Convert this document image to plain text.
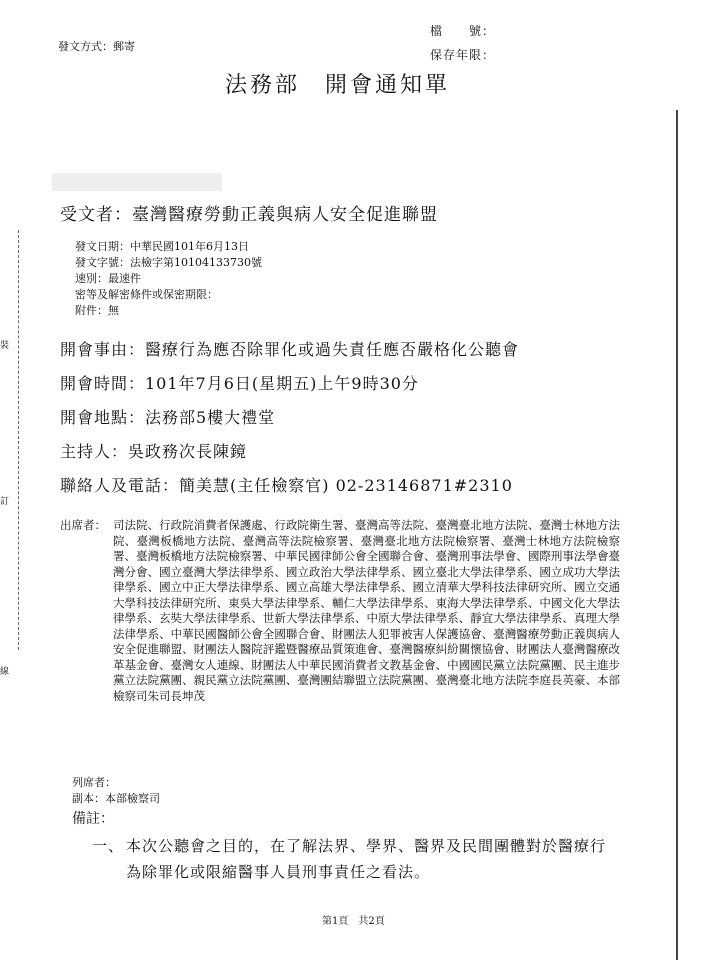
發文方式：郵寄
檔　　號：
保存年限：
法務部　開會通知單
受文者：臺灣醫療勞動正義與病人安全促進聯盟
發文日期：中華民國101年6月13日
發文字號：法檢字第10104133730號
速別：最速件
密等及解密條件或保密期限：
附件：無
開會事由：醫療行為應否除罪化或過失責任應否嚴格化公聽會
開會時間：101年7月6日(星期五)上午9時30分
開會地點：法務部5樓大禮堂
主持人：吳政務次長陳鏡
聯絡人及電話：簡美慧(主任檢察官) 02-23146871#2310
出席者： 司法院、行政院消費者保護處、行政院衛生署、臺灣高等法院、臺灣臺北地方法院、臺灣士林地方法院、臺灣板橋地方法院、臺灣高等法院檢察署、臺灣臺北地方法院檢察署、臺灣士林地方法院檢察署、臺灣板橋地方法院檢察署、中華民國律師公會全國聯合會、臺灣刑事法學會、國際刑事法學會臺灣分會、國立臺灣大學法律學系、國立政治大學法律學系、國立臺北大學法律學系、國立成功大學法律學系、國立中正大學法律學系、國立高雄大學法律學系、國立清華大學科技法律研究所、國立交通大學科技法律研究所、東吳大學法律學系、輔仁大學法律學系、東海大學法律學系、中國文化大學法律學系、玄奘大學法律學系、世新大學法律學系、中原大學法律學系、靜宜大學法律學系、真理大學法律學系、中華民國醫師公會全國聯合會、財團法人犯罪被害人保護協會、臺灣醫療勞動正義與病人安全促進聯盟、財團法人醫院評鑑暨醫療品質策進會、臺灣醫療糾紛關懷協會、財團法人臺灣醫療改革基金會、臺灣女人連線、財團法人中華民國消費者文教基金會、中國國民黨立法院黨團、民主進步黨立法院黨團、親民黨立法院黨團、臺灣團結聯盟立法院黨團、臺灣臺北地方法院李庭長英豪、本部檢察司朱司長坤茂
列席者：
副本：本部檢察司
備註：
一、 本次公聽會之目的，在了解法界、學界、醫界及民間團體對於醫療行為除罪化或限縮醫事人員刑事責任之看法。
第1頁　共2頁
裝
訂
線
